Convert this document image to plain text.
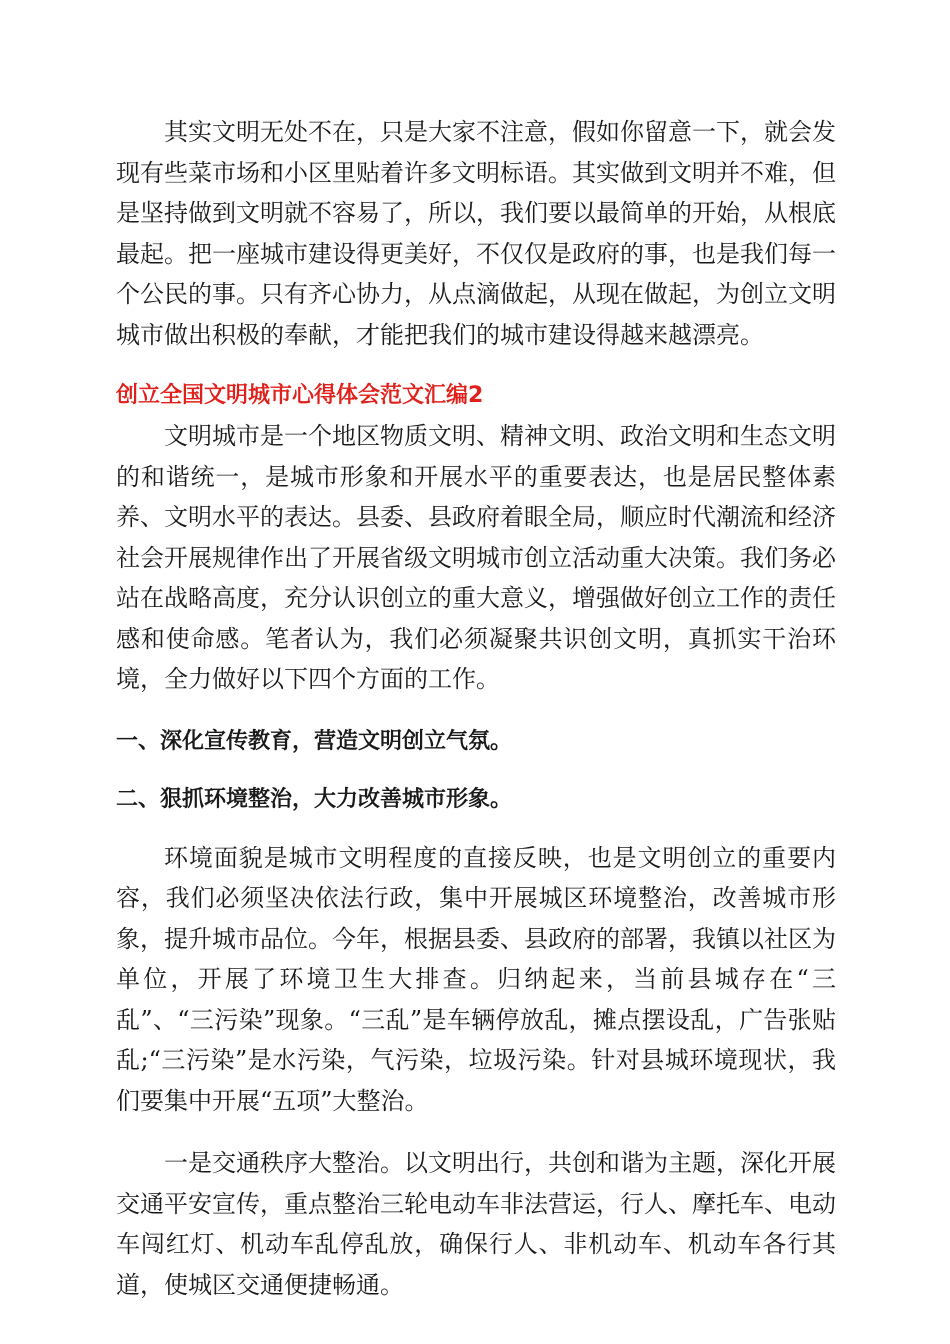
其实文明无处不在，只是大家不注意，假如你留意一下，就会发现有些菜市场和小区里贴着许多文明标语。其实做到文明并不难，但是坚持做到文明就不容易了，所以，我们要以最简单的开始，从根底最起。把一座城市建设得更美好，不仅仅是政府的事，也是我们每一个公民的事。只有齐心协力，从点滴做起，从现在做起，为创立文明城市做出积极的奉献，才能把我们的城市建设得越来越漂亮。

创立全国文明城市心得体会范文汇编2

文明城市是一个地区物质文明、精神文明、政治文明和生态文明的和谐统一，是城市形象和开展水平的重要表达，也是居民整体素养、文明水平的表达。县委、县政府着眼全局，顺应时代潮流和经济社会开展规律作出了开展省级文明城市创立活动重大决策。我们务必站在战略高度，充分认识创立的重大意义，增强做好创立工作的责任感和使命感。笔者认为，我们必须凝聚共识创文明，真抓实干治环境，全力做好以下四个方面的工作。

一、深化宣传教育，营造文明创立气氛。

二、狠抓环境整治，大力改善城市形象。

环境面貌是城市文明程度的直接反映，也是文明创立的重要内容，我们必须坚决依法行政，集中开展城区环境整治，改善城市形象，提升城市品位。今年，根据县委、县政府的部署，我镇以社区为单位，开展了环境卫生大排查。归纳起来，当前县城存在“三乱”、“三污染”现象。“三乱”是车辆停放乱，摊点摆设乱，广告张贴乱;“三污染”是水污染，气污染，垃圾污染。针对县城环境现状，我们要集中开展“五项”大整治。

一是交通秩序大整治。以文明出行，共创和谐为主题，深化开展交通平安宣传，重点整治三轮电动车非法营运，行人、摩托车、电动车闯红灯、机动车乱停乱放，确保行人、非机动车、机动车各行其道，使城区交通便捷畅通。
